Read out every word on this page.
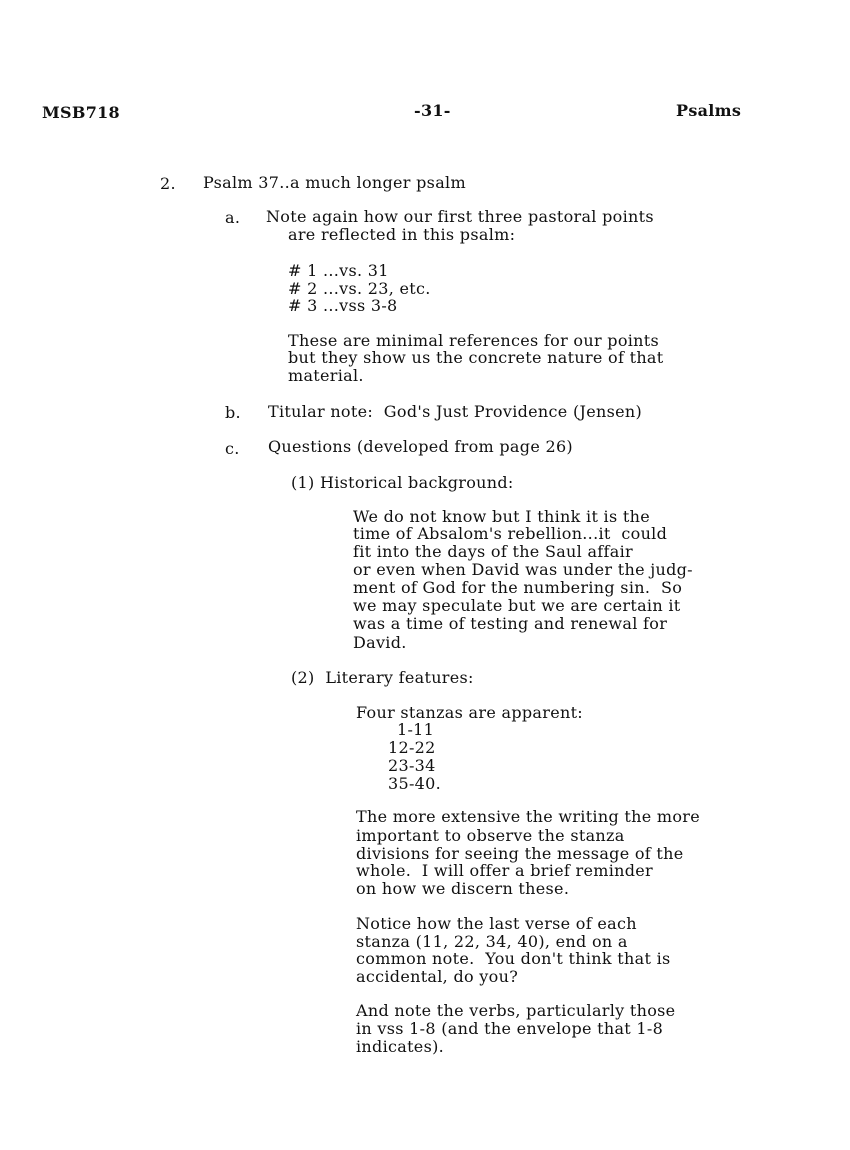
MSB718	-31-	Psalms
2. Psalm 37..a much longer psalm
a. Note again how our first three pastoral points
are reflected in this psalm:
# 1 ...vs. 31
# 2 ...vs. 23, etc.
# 3 ...vss 3-8
These are minimal references for our points
but they show us the concrete nature of that
material.
b. Titular note:  God's Just Providence (Jensen)
c. Questions (developed from page 26)
(1) Historical background:
We do not know but I think it is the
time of Absalom's rebellion...it  could
fit into the days of the Saul affair
or even when David was under the judg-
ment of God for the numbering sin.  So
we may speculate but we are certain it
was a time of testing and renewal for
David.
(2)  Literary features:
Four stanzas are apparent:
1-11
12-22
23-34
35-40.
The more extensive the writing the more
important to observe the stanza
divisions for seeing the message of the
whole.  I will offer a brief reminder
on how we discern these.
Notice how the last verse of each
stanza (11, 22, 34, 40), end on a
common note.  You don't think that is
accidental, do you?
And note the verbs, particularly those
in vss 1-8 (and the envelope that 1-8
indicates).
